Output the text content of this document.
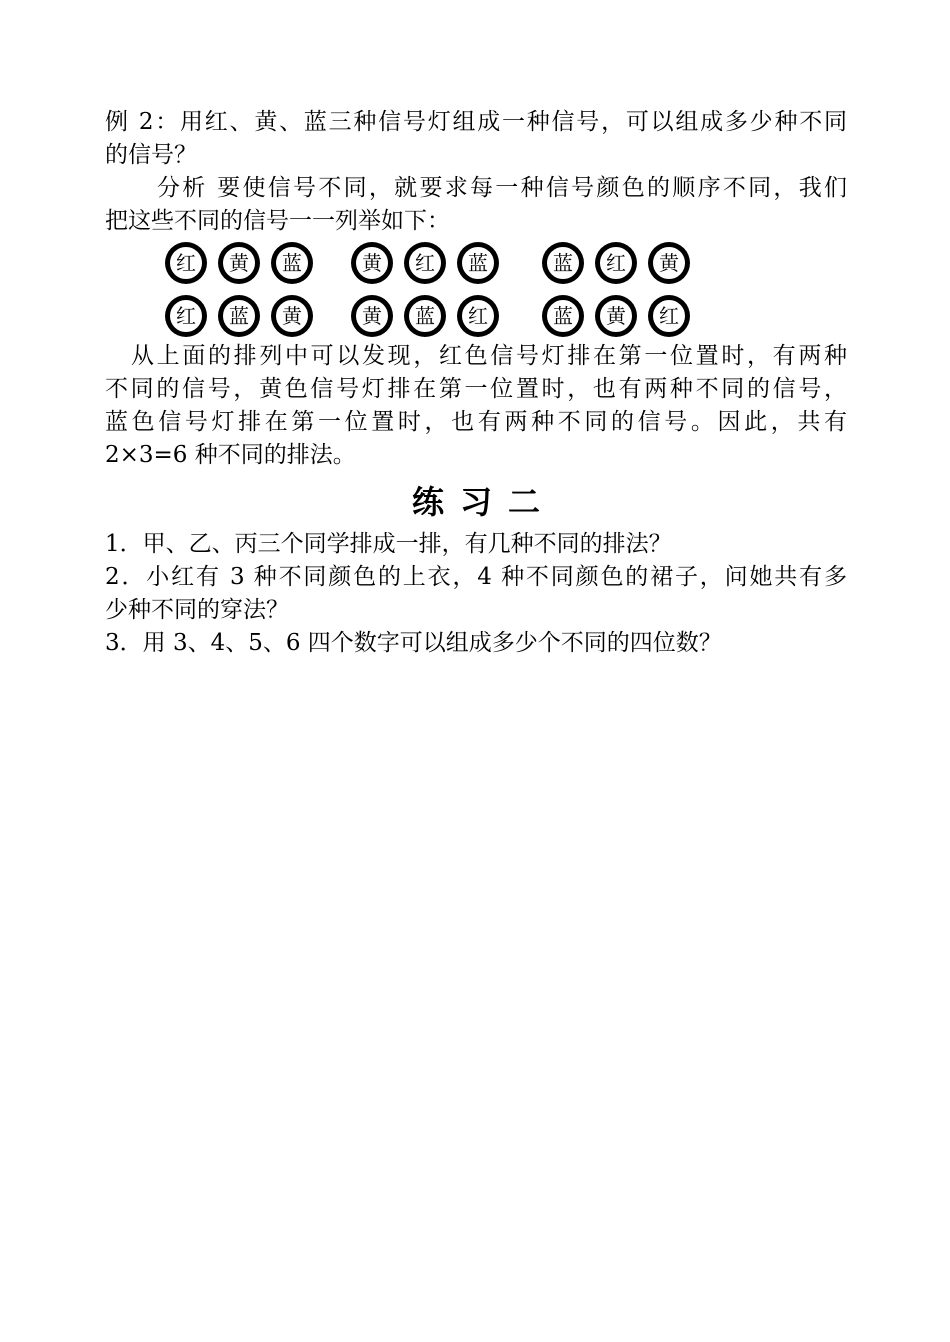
例 2：用红、黄、蓝三种信号灯组成一种信号，可以组成多少种不同

的信号？

分析 要使信号不同，就要求每一种信号颜色的顺序不同，我们

把这些不同的信号一一列举如下：

红	黄	蓝
红	蓝	黄
黄	红	蓝
黄	蓝	红
蓝	红	黄
蓝	黄	红

从上面的排列中可以发现，红色信号灯排在第一位置时，有两种

不同的信号，黄色信号灯排在第一位置时，也有两种不同的信号，

蓝色信号灯排在第一位置时，也有两种不同的信号。因此，共有

2×3=6 种不同的排法。

练习二

1．甲、乙、丙三个同学排成一排，有几种不同的排法？

2．小红有 3 种不同颜色的上衣，4 种不同颜色的裙子，问她共有多

少种不同的穿法？

3．用 3、4、5、6 四个数字可以组成多少个不同的四位数？
